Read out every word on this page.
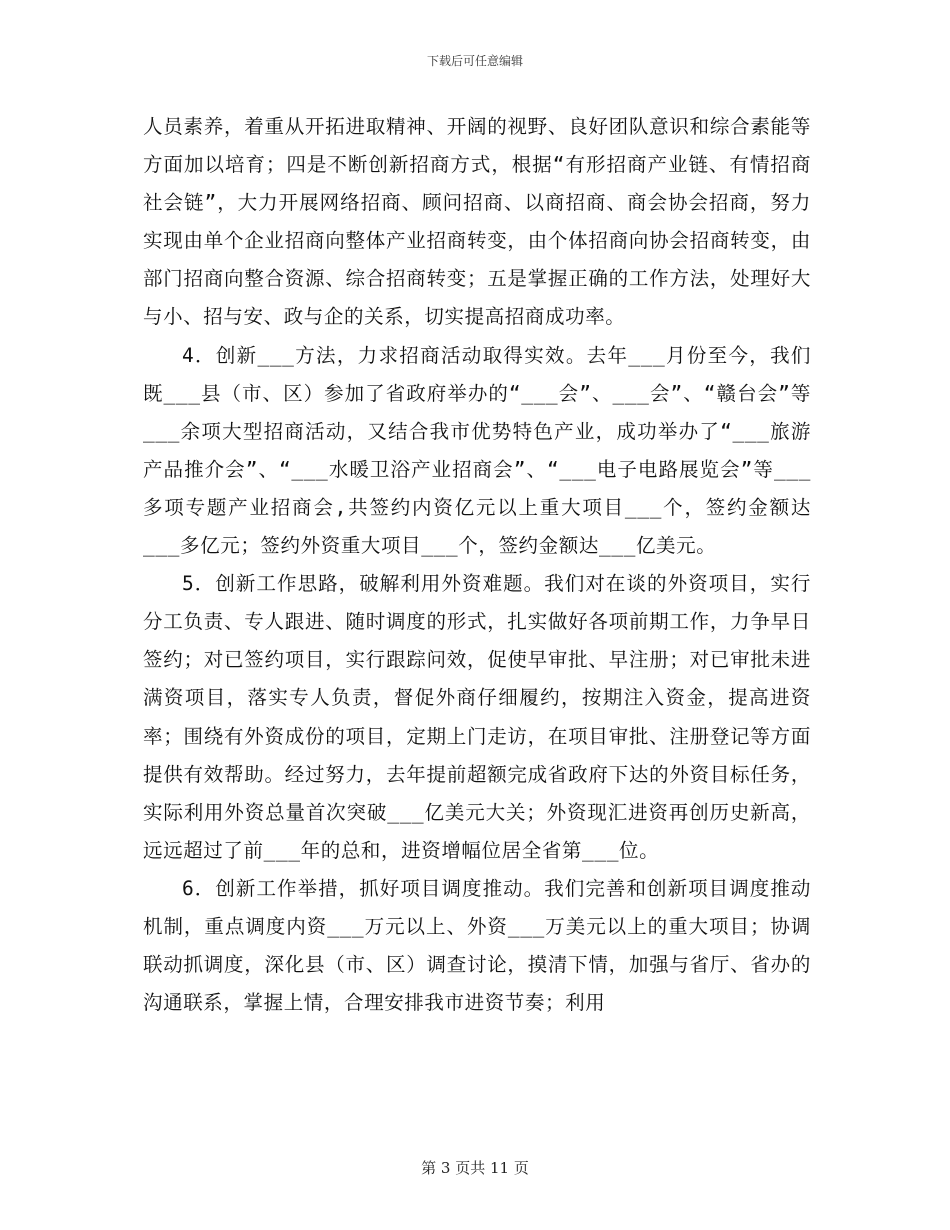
下载后可任意编辑

人员素养，着重从开拓进取精神、开阔的视野、良好团队意识和综合素能等方面加以培育；四是不断创新招商方式，根据“有形招商产业链、有情招商社会链”，大力开展网络招商、顾问招商、以商招商、商会协会招商，努力实现由单个企业招商向整体产业招商转变，由个体招商向协会招商转变，由部门招商向整合资源、综合招商转变；五是掌握正确的工作方法，处理好大与小、招与安、政与企的关系，切实提高招商成功率。

4．创新___方法，力求招商活动取得实效。去年___月份至今，我们既___县（市、区）参加了省政府举办的“___会”、___会”、“赣台会”等___余项大型招商活动，又结合我市优势特色产业，成功举办了“___旅游产品推介会”、“___水暖卫浴产业招商会”、“___电子电路展览会”等___多项专题产业招商会,共签约内资亿元以上重大项目___个，签约金额达___多亿元；签约外资重大项目___个，签约金额达___亿美元。

5．创新工作思路，破解利用外资难题。我们对在谈的外资项目，实行分工负责、专人跟进、随时调度的形式，扎实做好各项前期工作，力争早日签约；对已签约项目，实行跟踪问效，促使早审批、早注册；对已审批未进满资项目，落实专人负责，督促外商仔细履约，按期注入资金，提高进资率；围绕有外资成份的项目，定期上门走访，在项目审批、注册登记等方面提供有效帮助。经过努力，去年提前超额完成省政府下达的外资目标任务，实际利用外资总量首次突破___亿美元大关；外资现汇进资再创历史新高，远远超过了前___年的总和，进资增幅位居全省第___位。

6．创新工作举措，抓好项目调度推动。我们完善和创新项目调度推动机制，重点调度内资___万元以上、外资___万美元以上的重大项目；协调联动抓调度，深化县（市、区）调查讨论，摸清下情，加强与省厅、省办的沟通联系，掌握上情，合理安排我市进资节奏；利用

第 3 页共 11 页
